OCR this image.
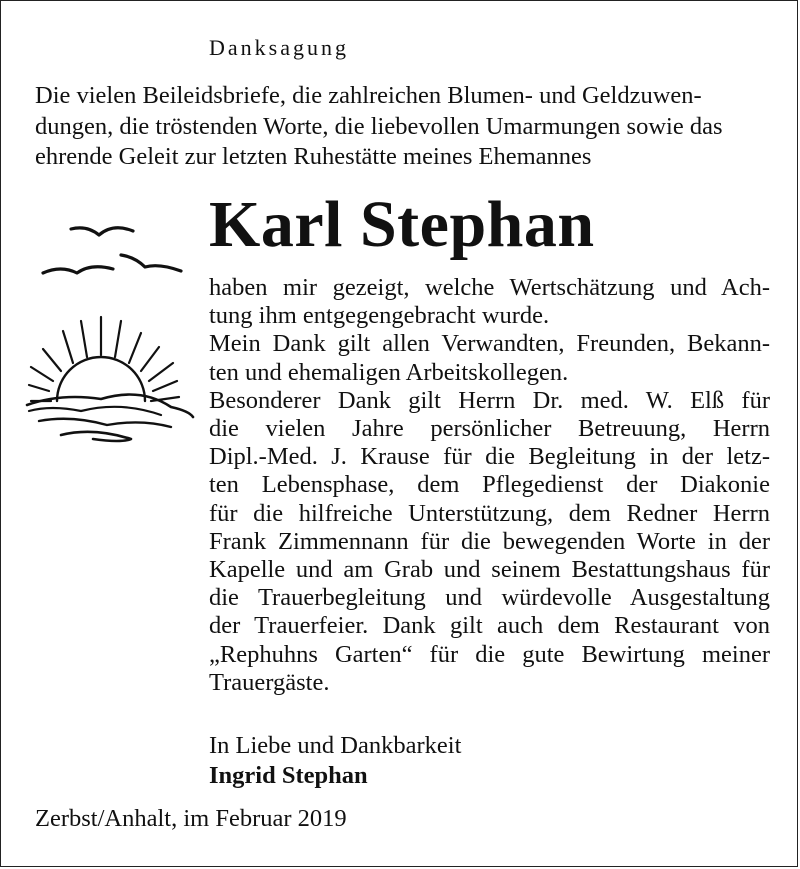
Danksagung
Die vielen Beileidsbriefe, die zahlreichen Blumen- und Geldzuwen-
dungen, die tröstenden Worte, die liebevollen Umarmungen sowie das
ehrende Geleit zur letzten Ruhestätte meines Ehemannes
Karl Stephan
haben mir gezeigt, welche Wertschätzung und Ach-
tung ihm entgegengebracht wurde.
Mein Dank gilt allen Verwandten, Freunden, Bekann-
ten und ehemaligen Arbeitskollegen.
Besonderer Dank gilt Herrn Dr. med. W. Elß für
die vielen Jahre persönlicher Betreuung, Herrn
Dipl.-Med. J. Krause für die Begleitung in der letz-
ten Lebensphase, dem Pflegedienst der Diakonie
für die hilfreiche Unterstützung, dem Redner Herrn
Frank Zimmennann für die bewegenden Worte in der
Kapelle und am Grab und seinem Bestattungshaus für
die Trauerbegleitung und würdevolle Ausgestaltung
der Trauerfeier. Dank gilt auch dem Restaurant von
„Rephuhns Garten“ für die gute Bewirtung meiner
Trauergäste.
In Liebe und Dankbarkeit
Ingrid Stephan
Zerbst/Anhalt, im Februar 2019
